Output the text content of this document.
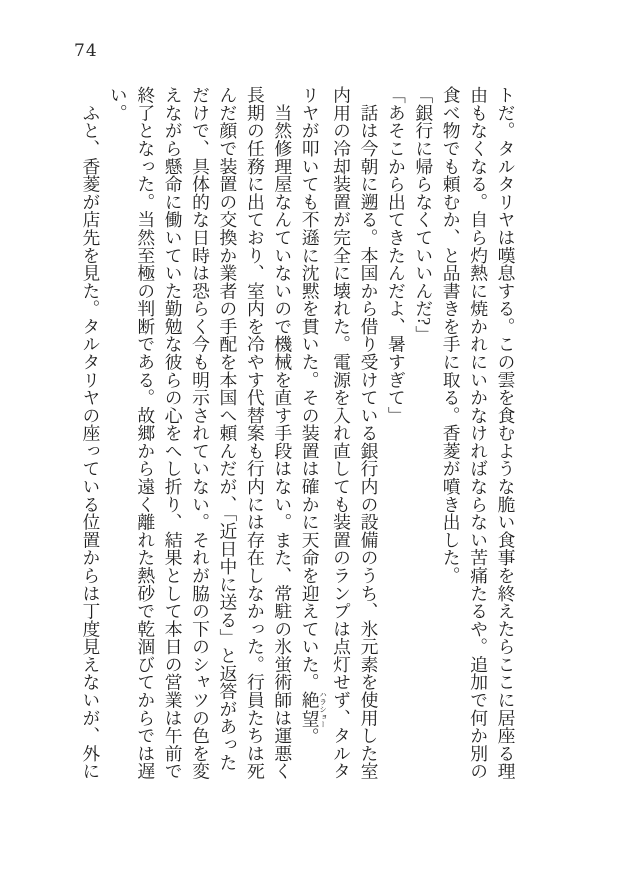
74

トだ。タルタリヤは嘆息する。この雲を食むような脆い食事を終えたらここに居座る理

由もなくなる。自ら灼熱に焼かれにいかなければならない苦痛たるや。追加で何か別の

食べ物でも頼むか、と品書きを手に取る。香菱が噴き出した。

「銀行に帰らなくていいんだ?」

「あそこから出てきたんだよ、暑すぎて」

　話は今朝に遡る。本国から借り受けている銀行内の設備のうち、氷元素を使用した室

内用の冷却装置が完全に壊れた。電源を入れ直しても装置のランプは点灯せず、タルタ

リヤが叩いても不遜に沈黙を貫いた。その装置は確かに天命を迎えていた。絶望ハラショー。

　当然修理屋なんていないので機械を直す手段はない。また、常駐の氷蛍術師は運悪く

長期の任務に出ており、室内を冷やす代替案も行内には存在しなかった。行員たちは死

んだ顔で装置の交換か業者の手配を本国へ頼んだが、「近日中に送る」と返答があった

だけで、具体的な日時は恐らく今も明示されていない。それが脇の下のシャツの色を変

えながら懸命に働いていた勤勉な彼らの心をへし折り、結果として本日の営業は午前で

終了となった。当然至極の判断である。故郷から遠く離れた熱砂で乾涸びてからでは遅

い。

　ふと、香菱が店先を見た。タルタリヤの座っている位置からは丁度見えないが、外に
